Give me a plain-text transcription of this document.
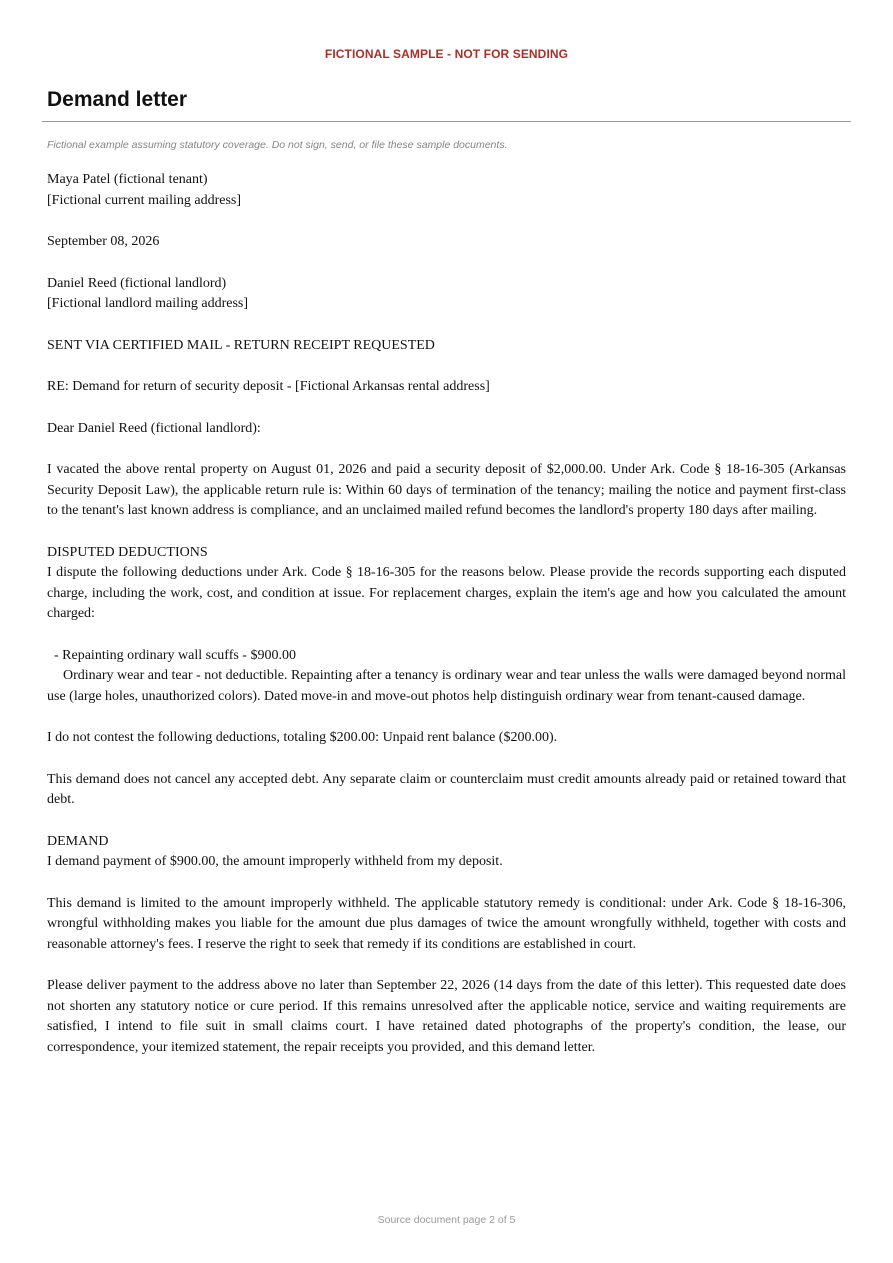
FICTIONAL SAMPLE - NOT FOR SENDING
Demand letter
Fictional example assuming statutory coverage. Do not sign, send, or file these sample documents.

Maya Patel (fictional tenant)
[Fictional current mailing address]

September 08, 2026

Daniel Reed (fictional landlord)
[Fictional landlord mailing address]

SENT VIA CERTIFIED MAIL - RETURN RECEIPT REQUESTED

RE: Demand for return of security deposit - [Fictional Arkansas rental address]

Dear Daniel Reed (fictional landlord):

I vacated the above rental property on August 01, 2026 and paid a security deposit of $2,000.00. Under Ark. Code § 18-16-305 (Arkansas Security Deposit Law), the applicable return rule is: Within 60 days of termination of the tenancy; mailing the notice and payment first-class to the tenant's last known address is compliance, and an unclaimed mailed refund becomes the landlord's property 180 days after mailing.

DISPUTED DEDUCTIONS
I dispute the following deductions under Ark. Code § 18-16-305 for the reasons below. Please provide the records supporting each disputed charge, including the work, cost, and condition at issue. For replacement charges, explain the item's age and how you calculated the amount charged:

- Repainting ordinary wall scuffs - $900.00
Ordinary wear and tear - not deductible. Repainting after a tenancy is ordinary wear and tear unless the walls were damaged beyond normal use (large holes, unauthorized colors). Dated move-in and move-out photos help distinguish ordinary wear from tenant-caused damage.

I do not contest the following deductions, totaling $200.00: Unpaid rent balance ($200.00).

This demand does not cancel any accepted debt. Any separate claim or counterclaim must credit amounts already paid or retained toward that debt.

DEMAND
I demand payment of $900.00, the amount improperly withheld from my deposit.

This demand is limited to the amount improperly withheld. The applicable statutory remedy is conditional: under Ark. Code § 18-16-306, wrongful withholding makes you liable for the amount due plus damages of twice the amount wrongfully withheld, together with costs and reasonable attorney's fees. I reserve the right to seek that remedy if its conditions are established in court.

Please deliver payment to the address above no later than September 22, 2026 (14 days from the date of this letter). This requested date does not shorten any statutory notice or cure period. If this remains unresolved after the applicable notice, service and waiting requirements are satisfied, I intend to file suit in small claims court. I have retained dated photographs of the property's condition, the lease, our correspondence, your itemized statement, the repair receipts you provided, and this demand letter.

Source document page 2 of 5
